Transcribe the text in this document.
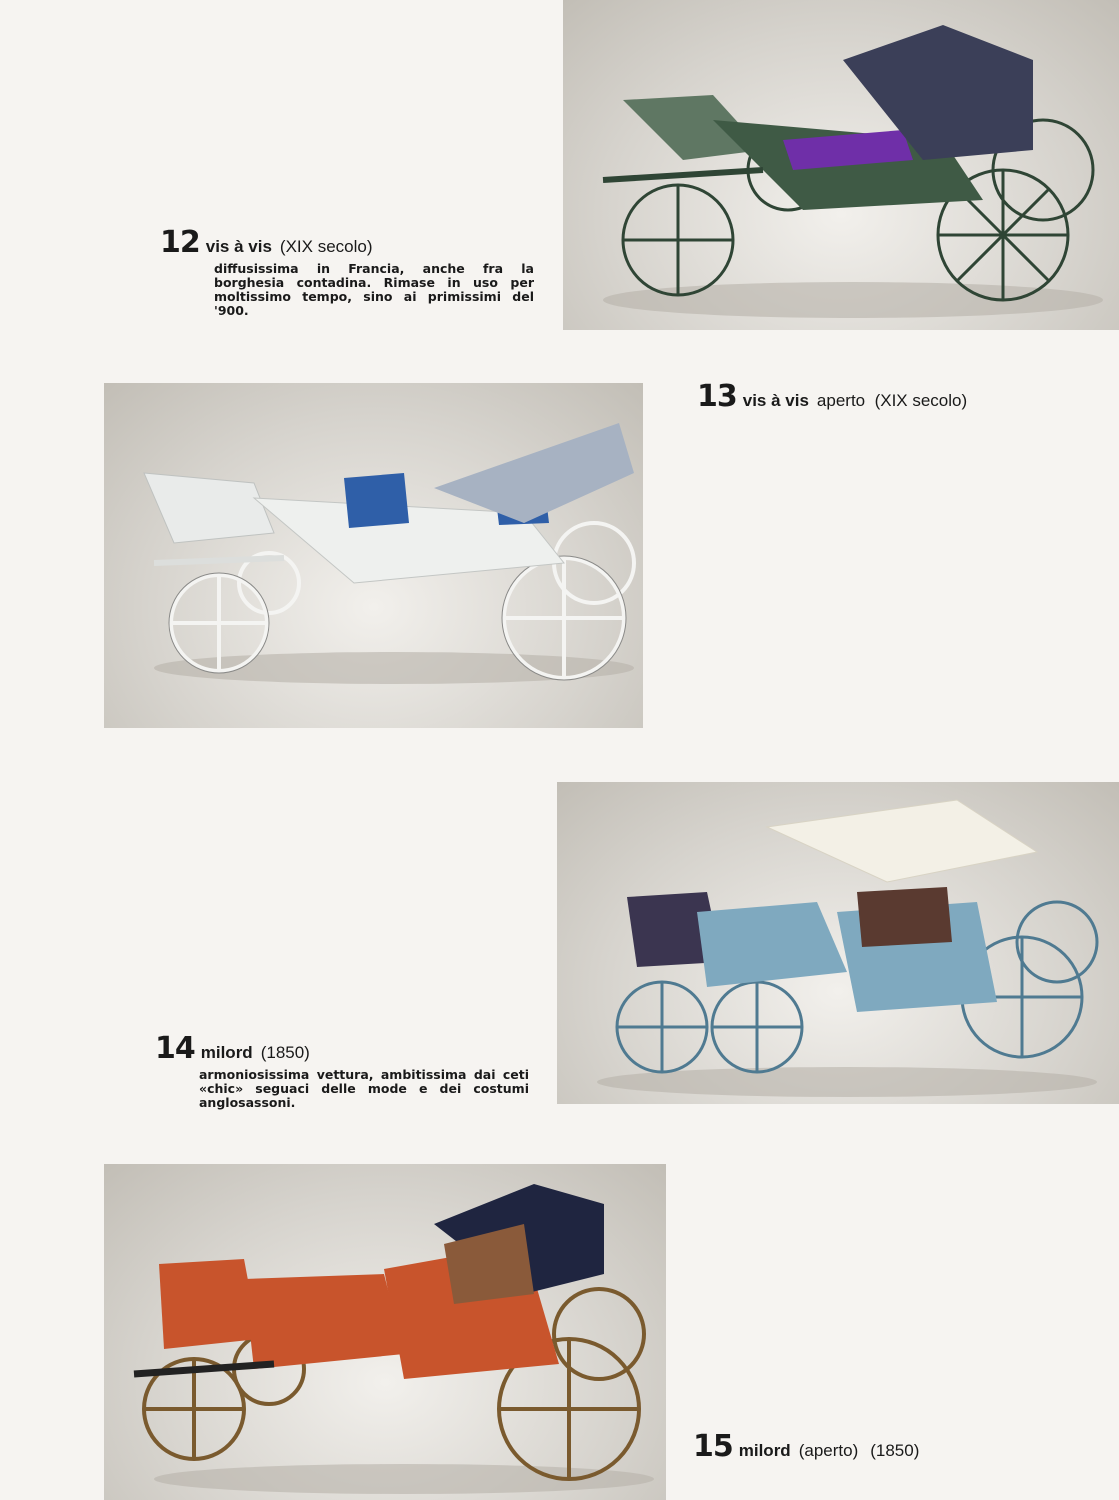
12 vis à vis (XIX secolo)

diffusissima in Francia, anche fra la borghesia contadina. Rimase in uso per moltissimo tempo, sino ai primissimi del '900.

13 vis à vis aperto  (XIX secolo)
14 milord (1850)

armoniosissima vettura, ambitissima dai ceti «chic» seguaci delle mode e dei costumi anglosassoni.

15 milord (aperto) (1850)
